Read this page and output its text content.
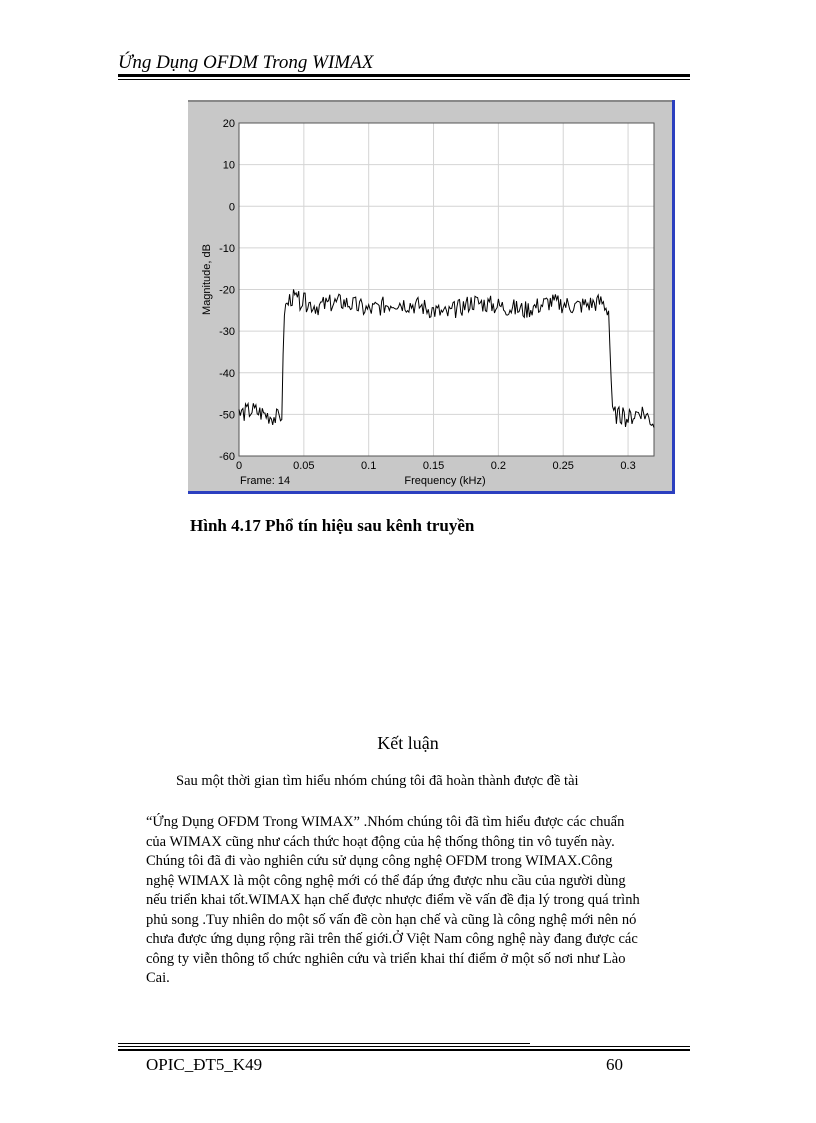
Ứng Dụng OFDM Trong WIMAX
0	0.05	0.1	0.15	0.2	0.25	0.3
20
10
0
-10
-20
-30
-40
-50
-60
Frame: 14	Frequency (kHz)
Magnitude, dB
Hình 4.17 Phổ tín hiệu sau kênh truyền
Kết luận
Sau một thời gian tìm hiểu nhóm chúng tôi đã hoàn thành được đề tài
“Ứng Dụng OFDM Trong WIMAX” .Nhóm chúng tôi đã tìm hiểu được các chuẩn
của WIMAX cũng như cách thức hoạt động của hệ thống thông tin vô tuyến này.
Chúng tôi đã đi vào nghiên cứu sử dụng công nghệ OFDM trong WIMAX.Công
nghệ WIMAX là một công nghệ mới có thể đáp ứng được nhu cầu của người dùng
nếu triển khai tốt.WIMAX hạn chế được nhược điểm về vấn đề địa lý trong quá trình
phủ song .Tuy nhiên do một số vấn đề còn hạn chế và cũng là công nghệ mới nên nó
chưa được ứng dụng rộng rãi trên thế giới.Ở Việt Nam công nghệ này đang được các
công ty viễn thông tổ chức nghiên cứu và triển khai thí điểm ở một số nơi như Lào
Cai.
OPIC_ĐT5_K49	60
